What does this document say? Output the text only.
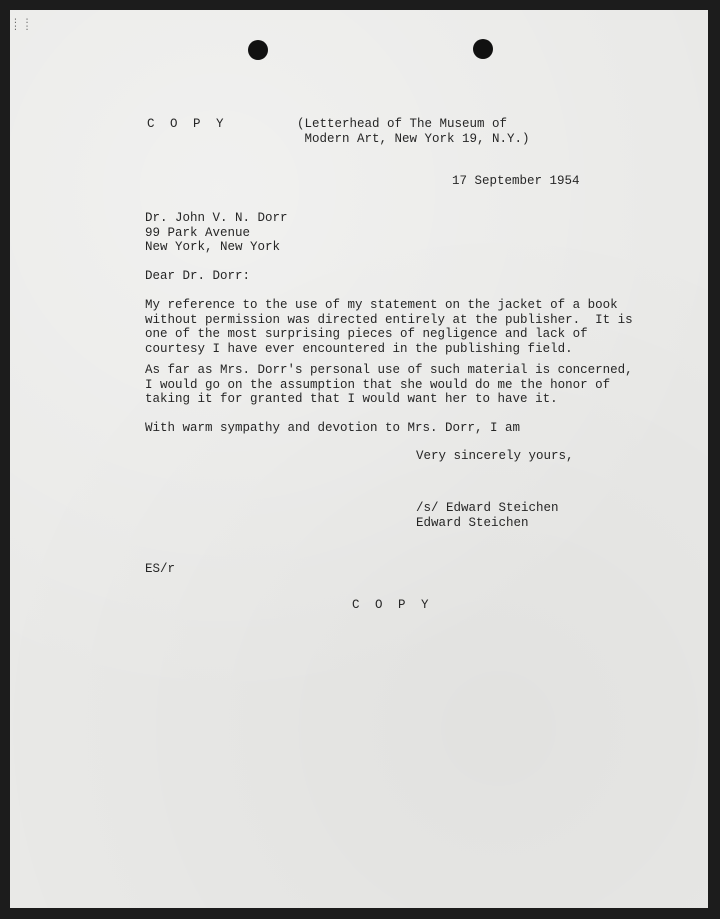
: :
: :
C O P Y	(Letterhead of The Museum of
Modern Art, New York 19, N.Y.)
17 September 1954
Dr. John V. N. Dorr
99 Park Avenue
New York, New York
Dear Dr. Dorr:
My reference to the use of my statement on the jacket of a book
without permission was directed entirely at the publisher.  It is
one of the most surprising pieces of negligence and lack of
courtesy I have ever encountered in the publishing field.
As far as Mrs. Dorr's personal use of such material is concerned,
I would go on the assumption that she would do me the honor of
taking it for granted that I would want her to have it.
With warm sympathy and devotion to Mrs. Dorr, I am
Very sincerely yours,
/s/ Edward Steichen
Edward Steichen
ES/r
C O P Y
